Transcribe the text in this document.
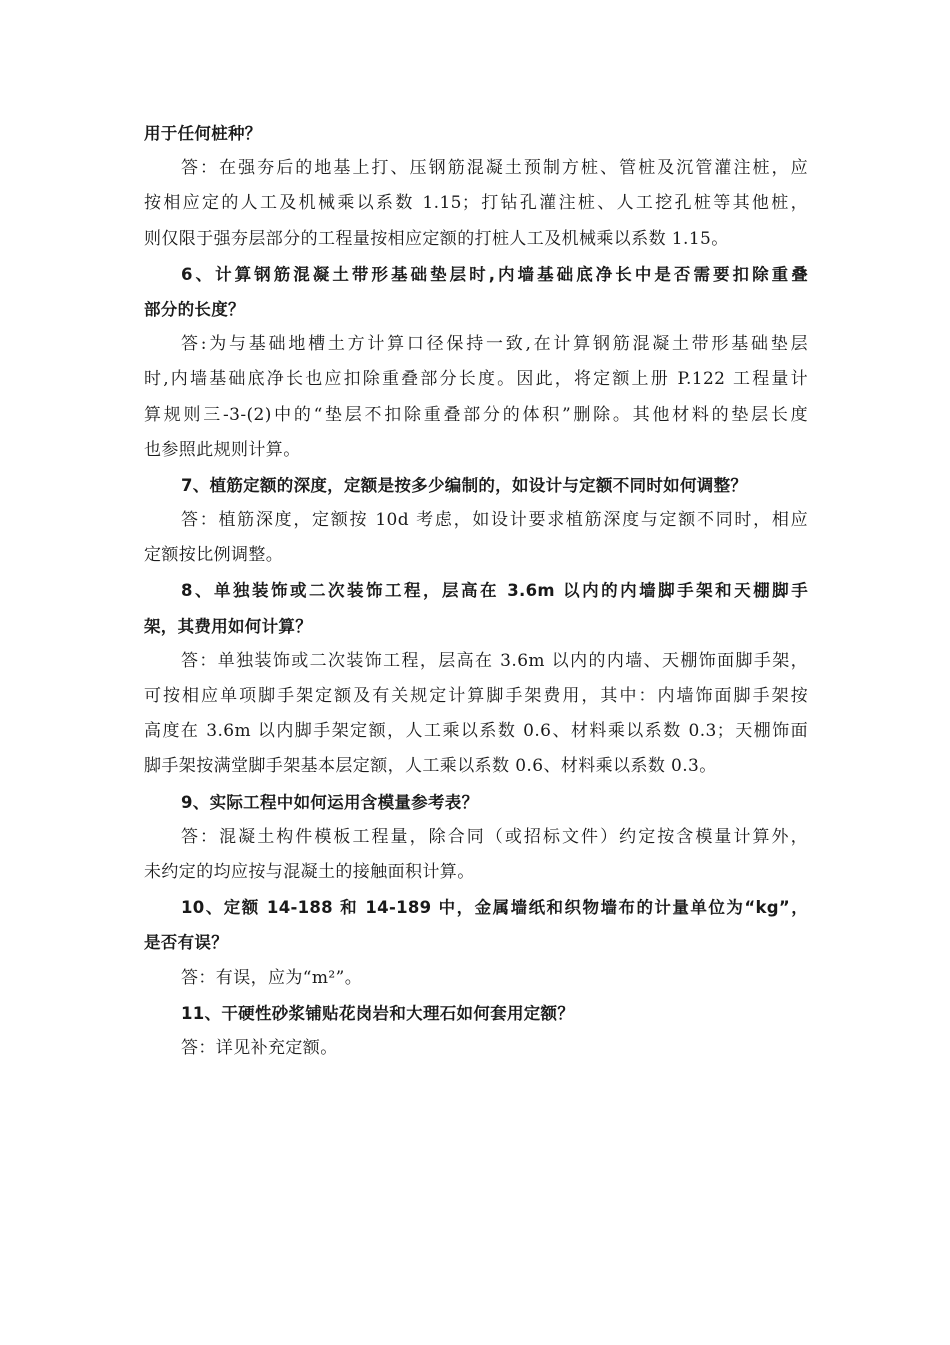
用于任何桩种？

答：在强夯后的地基上打、压钢筋混凝土预制方桩、管桩及沉管灌注桩，应

按相应定的人工及机械乘以系数 1.15；打钻孔灌注桩、人工挖孔桩等其他桩，

则仅限于强夯层部分的工程量按相应定额的打桩人工及机械乘以系数 1.15。

6、计算钢筋混凝土带形基础垫层时,内墙基础底净长中是否需要扣除重叠

部分的长度？

答:为与基础地槽土方计算口径保持一致,在计算钢筋混凝土带形基础垫层

时,内墙基础底净长也应扣除重叠部分长度。因此，将定额上册 P.122 工程量计

算规则三-3-(2)中的“垫层不扣除重叠部分的体积”删除。其他材料的垫层长度

也参照此规则计算。

7、植筋定额的深度，定额是按多少编制的，如设计与定额不同时如何调整？

答：植筋深度，定额按 10d 考虑，如设计要求植筋深度与定额不同时，相应

定额按比例调整。

8、单独装饰或二次装饰工程，层高在 3.6m 以内的内墙脚手架和天棚脚手

架，其费用如何计算？

答：单独装饰或二次装饰工程，层高在 3.6m 以内的内墙、天棚饰面脚手架，

可按相应单项脚手架定额及有关规定计算脚手架费用，其中：内墙饰面脚手架按

高度在 3.6m 以内脚手架定额，人工乘以系数 0.6、材料乘以系数 0.3；天棚饰面

脚手架按满堂脚手架基本层定额，人工乘以系数 0.6、材料乘以系数 0.3。

9、实际工程中如何运用含模量参考表？

答：混凝土构件模板工程量，除合同（或招标文件）约定按含模量计算外，

未约定的均应按与混凝土的接触面积计算。

10、定额 14-188 和 14-189 中，金属墙纸和织物墙布的计量单位为“kg”，

是否有误？

答：有误，应为“m²”。

11、干硬性砂浆铺贴花岗岩和大理石如何套用定额？

答：详见补充定额。
